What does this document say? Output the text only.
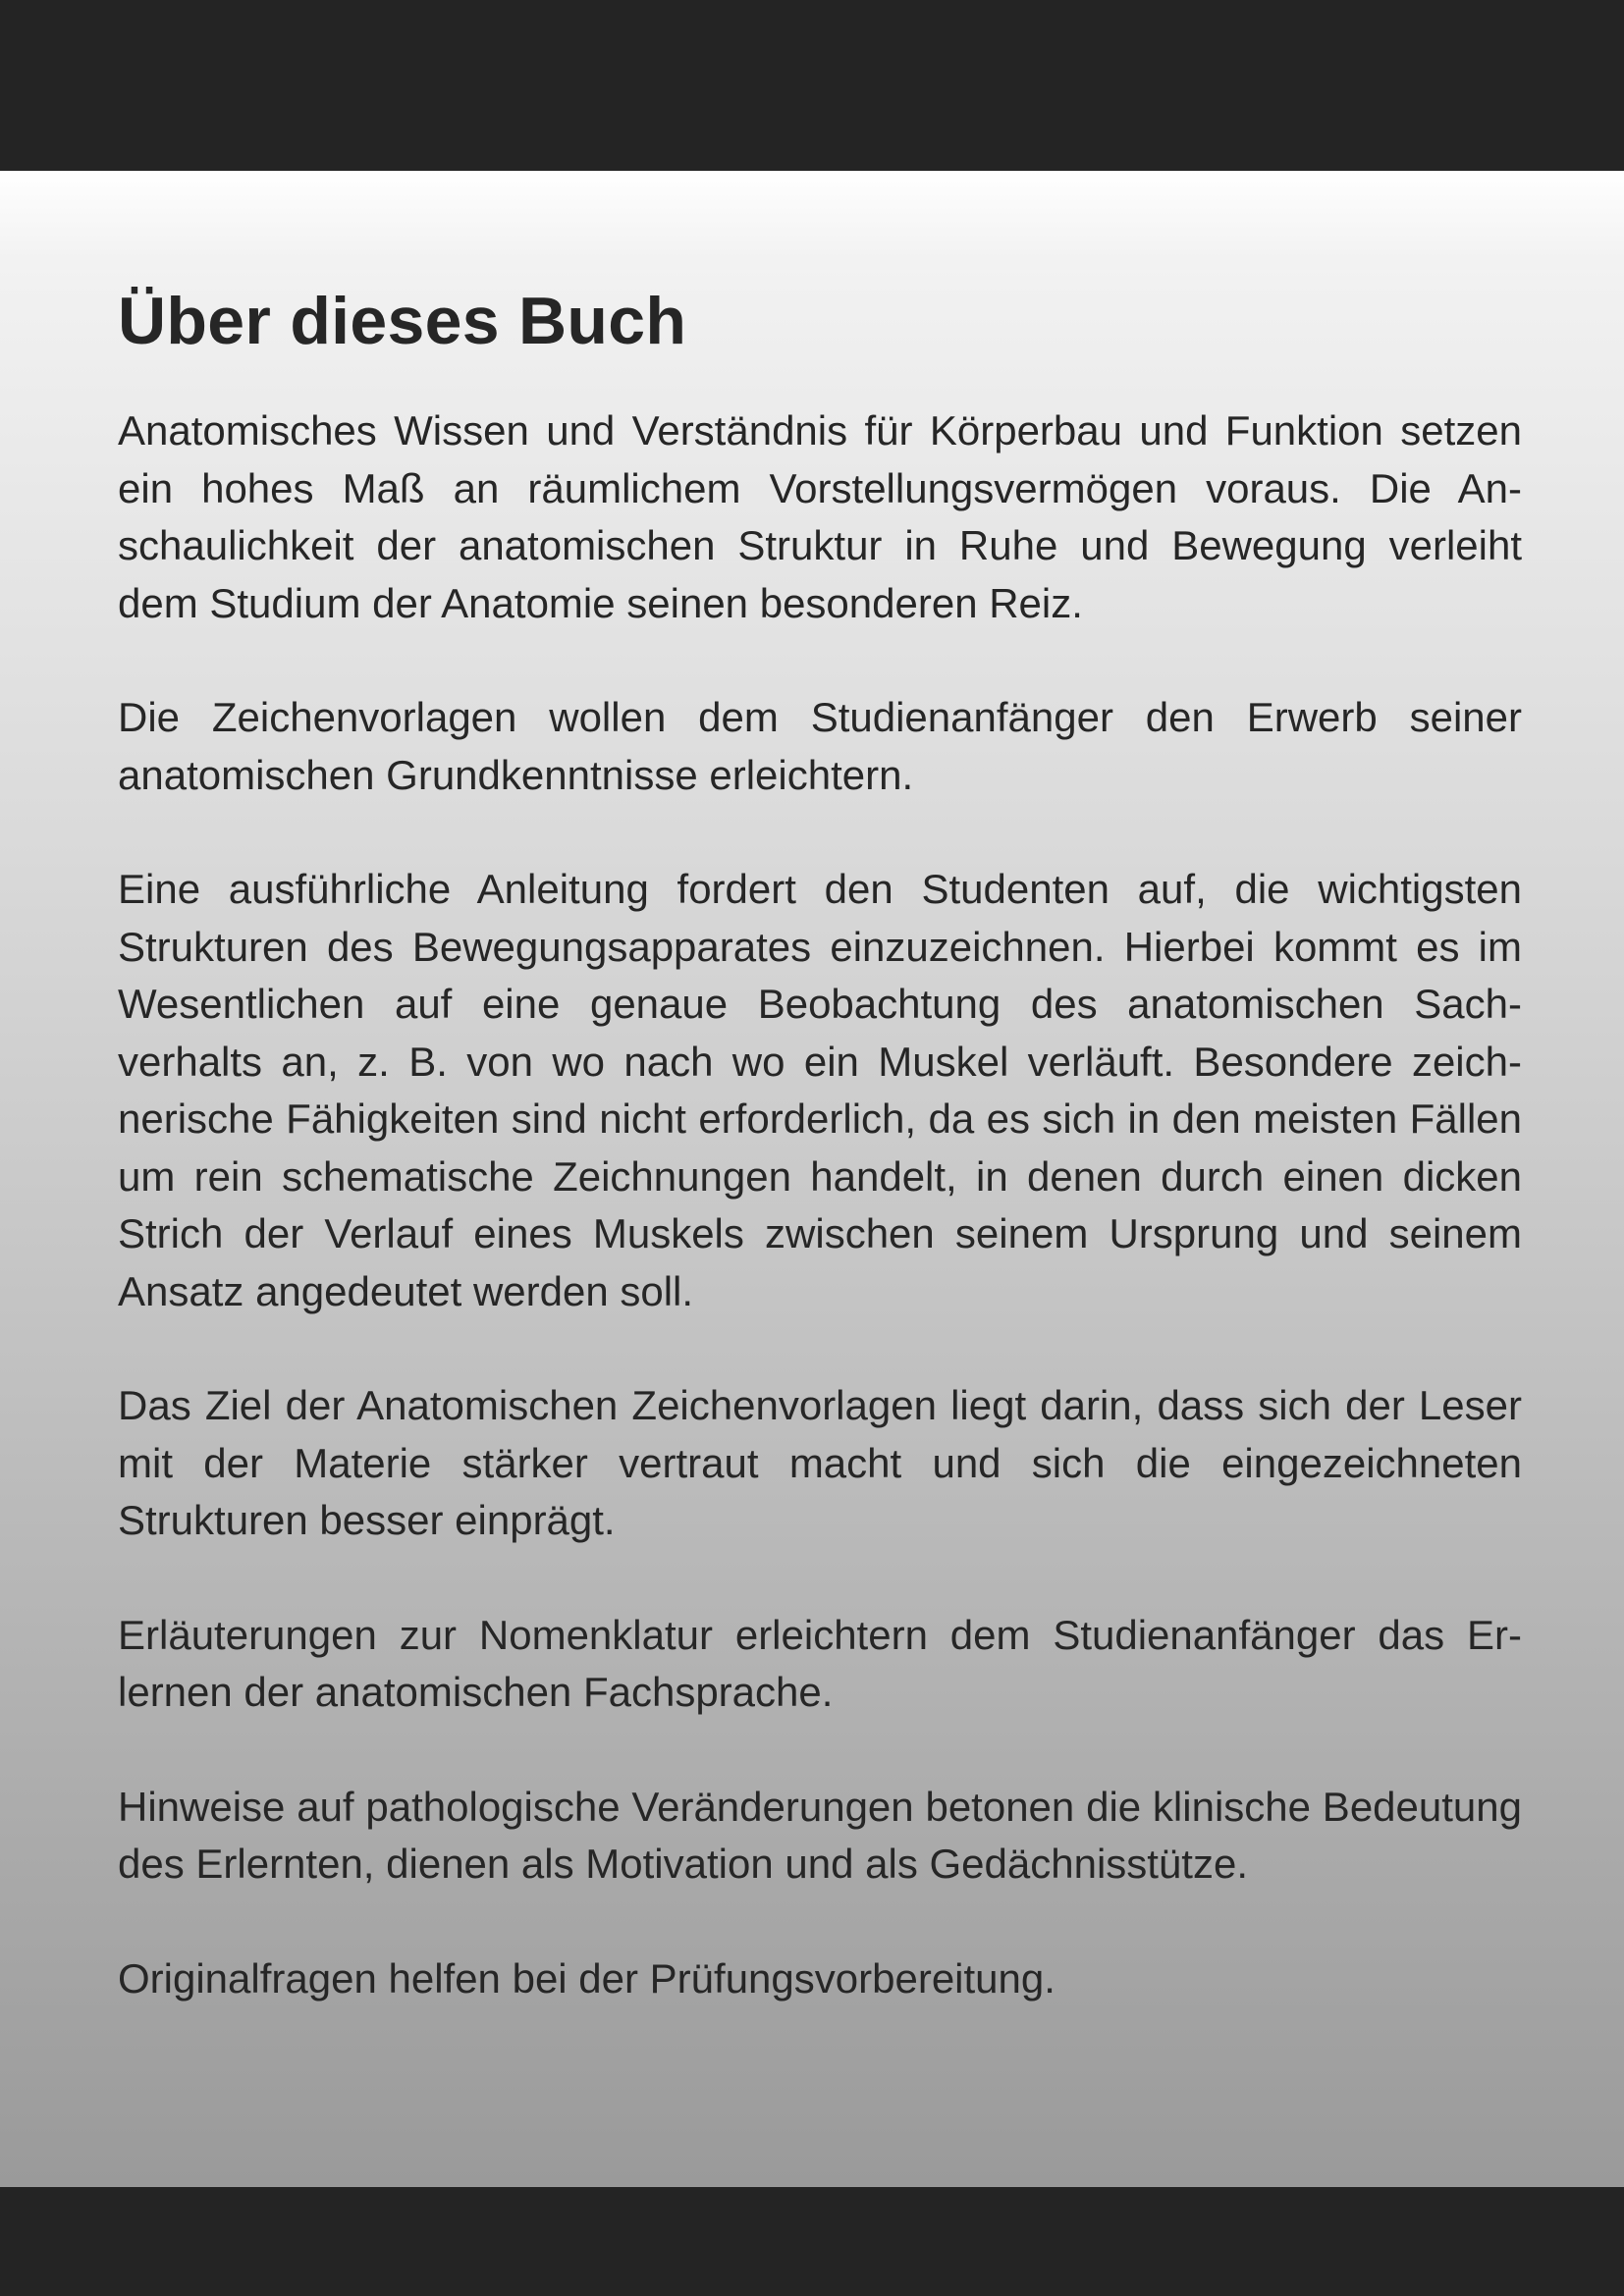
Über dieses Buch

Anatomisches Wissen und Verständnis für Körperbau und Funktion setzen ein hohes Maß an räumlichem Vorstellungsvermögen voraus. Die Anschaulichkeit der anatomischen Struktur in Ruhe und Bewegung verleiht dem Studium der Anatomie seinen besonderen Reiz.

Die Zeichenvorlagen wollen dem Studienanfänger den Erwerb seiner anatomischen Grundkenntnisse erleichtern.

Eine ausführliche Anleitung fordert den Studenten auf, die wichtigsten Strukturen des Bewegungsapparates einzuzeichnen. Hierbei kommt es im Wesentlichen auf eine genaue Beobachtung des anatomischen Sachverhalts an, z. B. von wo nach wo ein Muskel verläuft. Besondere zeichnerische Fähigkeiten sind nicht erforderlich, da es sich in den meisten Fällen um rein schematische Zeichnungen handelt, in denen durch einen dicken Strich der Verlauf eines Muskels zwischen seinem Ursprung und seinem Ansatz angedeutet werden soll.

Das Ziel der Anatomischen Zeichenvorlagen liegt darin, dass sich der Leser mit der Materie stärker vertraut macht und sich die eingezeichneten Strukturen besser einprägt.

Erläuterungen zur Nomenklatur erleichtern dem Studienanfänger das Erlernen der anatomischen Fachsprache.

Hinweise auf pathologische Veränderungen betonen die klinische Bedeutung des Erlernten, dienen als Motivation und als Gedächnisstütze.

Originalfragen helfen bei der Prüfungsvorbereitung.
